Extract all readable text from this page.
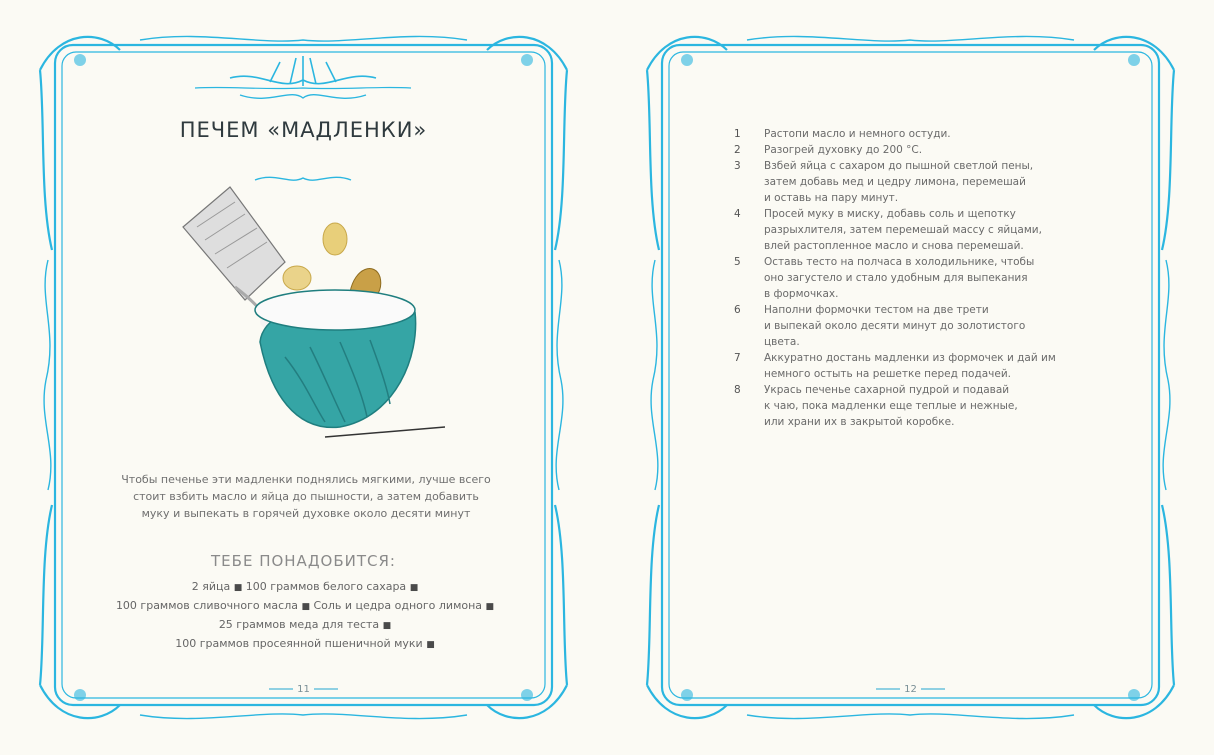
ПЕЧЕМ «МАДЛЕНКИ»
Чтобы печенье эти мадленки поднялись мягкими, лучше всего
стоит взбить масло и яйца до пышности, а затем добавить
муку и выпекать в горячей духовке около десяти минут
ТЕБЕ ПОНАДОБИТСЯ:
2 яйца ■ 100 граммов белого сахара ■
100 граммов сливочного масла ■ Соль и цедра одного лимона ■
25 граммов меда для теста ■
100 граммов просеянной пшеничной муки ■
11
1	Растопи масло и немного остуди.
2	Разогрей духовку до 200 °С.
3	Взбей яйца с сахаром до пышной светлой пены,
затем добавь мед и цедру лимона, перемешай
и оставь на пару минут.
4	Просей муку в миску, добавь соль и щепотку
разрыхлителя, затем перемешай массу с яйцами,
влей растопленное масло и снова перемешай.
5	Оставь тесто на полчаса в холодильнике, чтобы
оно загустело и стало удобным для выпекания
в формочках.
6	Наполни формочки тестом на две трети
и выпекай около десяти минут до золотистого
цвета.
7	Аккуратно достань мадленки из формочек и дай им
немного остыть на решетке перед подачей.
8	Укрась печенье сахарной пудрой и подавай
к чаю, пока мадленки еще теплые и нежные,
или храни их в закрытой коробке.
12
